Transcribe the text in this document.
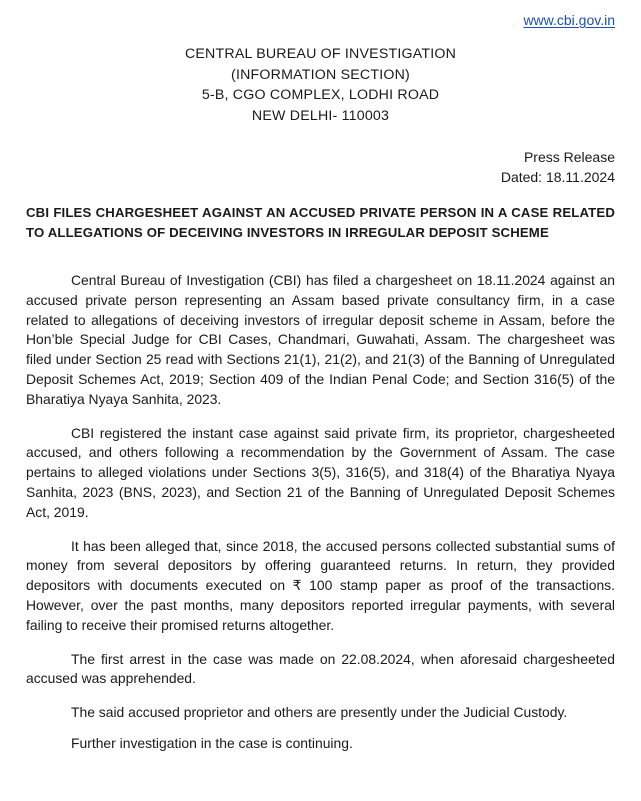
www.cbi.gov.in
CENTRAL BUREAU OF INVESTIGATION
(INFORMATION SECTION)
5-B, CGO COMPLEX, LODHI ROAD
NEW DELHI- 110003
Press Release
Dated: 18.11.2024
CBI FILES CHARGESHEET AGAINST AN ACCUSED PRIVATE PERSON IN A CASE RELATED TO ALLEGATIONS OF DECEIVING INVESTORS IN IRREGULAR DEPOSIT SCHEME

Central Bureau of Investigation (CBI) has filed a chargesheet on 18.11.2024 against an accused private person representing an Assam based private consultancy firm, in a case related to allegations of deceiving investors of irregular deposit scheme in Assam, before the Hon’ble Special Judge for CBI Cases, Chandmari, Guwahati, Assam. The chargesheet was filed under Section 25 read with Sections 21(1), 21(2), and 21(3) of the Banning of Unregulated Deposit Schemes Act, 2019; Section 409 of the Indian Penal Code; and Section 316(5) of the Bharatiya Nyaya Sanhita, 2023.

CBI registered the instant case against said private firm, its proprietor, chargesheeted accused, and others following a recommendation by the Government of Assam. The case pertains to alleged violations under Sections 3(5), 316(5), and 318(4) of the Bharatiya Nyaya Sanhita, 2023 (BNS, 2023), and Section 21 of the Banning of Unregulated Deposit Schemes Act, 2019.

It has been alleged that, since 2018, the accused persons collected substantial sums of money from several depositors by offering guaranteed returns. In return, they provided depositors with documents executed on ₹ 100 stamp paper as proof of the transactions. However, over the past months, many depositors reported irregular payments, with several failing to receive their promised returns altogether.

The first arrest in the case was made on 22.08.2024, when aforesaid chargesheeted accused was apprehended.

The said accused proprietor and others are presently under the Judicial Custody.

Further investigation in the case is continuing.
